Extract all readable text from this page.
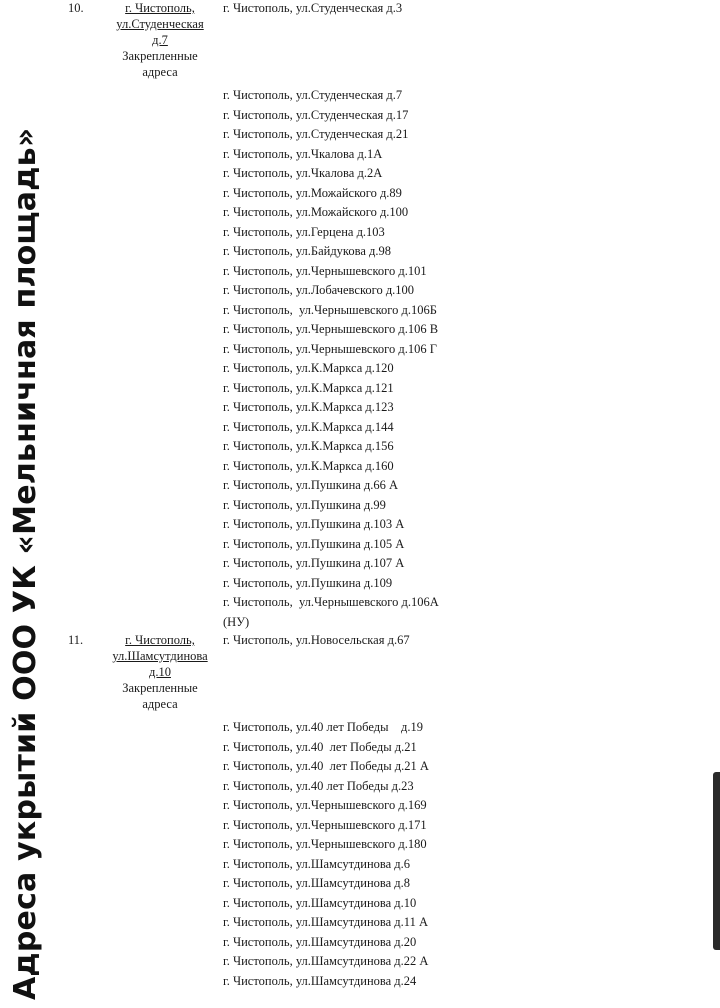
Адреса укрытий ООО УК «Мельничная площадь»
10.	г. Чистополь,
ул.Студенческая
д.7
Закрепленные
адреса
г. Чистополь, ул.Студенческая д.3
г. Чистополь, ул.Студенческая д.7
г. Чистополь, ул.Студенческая д.17
г. Чистополь, ул.Студенческая д.21
г. Чистополь, ул.Чкалова д.1А
г. Чистополь, ул.Чкалова д.2А
г. Чистополь, ул.Можайского д.89
г. Чистополь, ул.Можайского д.100
г. Чистополь, ул.Герцена д.103
г. Чистополь, ул.Байдукова д.98
г. Чистополь, ул.Чернышевского д.101
г. Чистополь, ул.Лобачевского д.100
г. Чистополь,  ул.Чернышевского д.106Б
г. Чистополь, ул.Чернышевского д.106 В
г. Чистополь, ул.Чернышевского д.106 Г
г. Чистополь, ул.К.Маркса д.120
г. Чистополь, ул.К.Маркса д.121
г. Чистополь, ул.К.Маркса д.123
г. Чистополь, ул.К.Маркса д.144
г. Чистополь, ул.К.Маркса д.156
г. Чистополь, ул.К.Маркса д.160
г. Чистополь, ул.Пушкина д.66 А
г. Чистополь, ул.Пушкина д.99
г. Чистополь, ул.Пушкина д.103 А
г. Чистополь, ул.Пушкина д.105 А
г. Чистополь, ул.Пушкина д.107 А
г. Чистополь, ул.Пушкина д.109
г. Чистополь,  ул.Чернышевского д.106А
(НУ)
11.	г. Чистополь,
ул.Шамсутдинова
д.10
Закрепленные
адреса
г. Чистополь, ул.Новосельская д.67
г. Чистополь, ул.40 лет Победы    д.19
г. Чистополь, ул.40  лет Победы д.21
г. Чистополь, ул.40  лет Победы д.21 А
г. Чистополь, ул.40 лет Победы д.23
г. Чистополь, ул.Чернышевского д.169
г. Чистополь, ул.Чернышевского д.171
г. Чистополь, ул.Чернышевского д.180
г. Чистополь, ул.Шамсутдинова д.6
г. Чистополь, ул.Шамсутдинова д.8
г. Чистополь, ул.Шамсутдинова д.10
г. Чистополь, ул.Шамсутдинова д.11 А
г. Чистополь, ул.Шамсутдинова д.20
г. Чистополь, ул.Шамсутдинова д.22 А
г. Чистополь, ул.Шамсутдинова д.24
